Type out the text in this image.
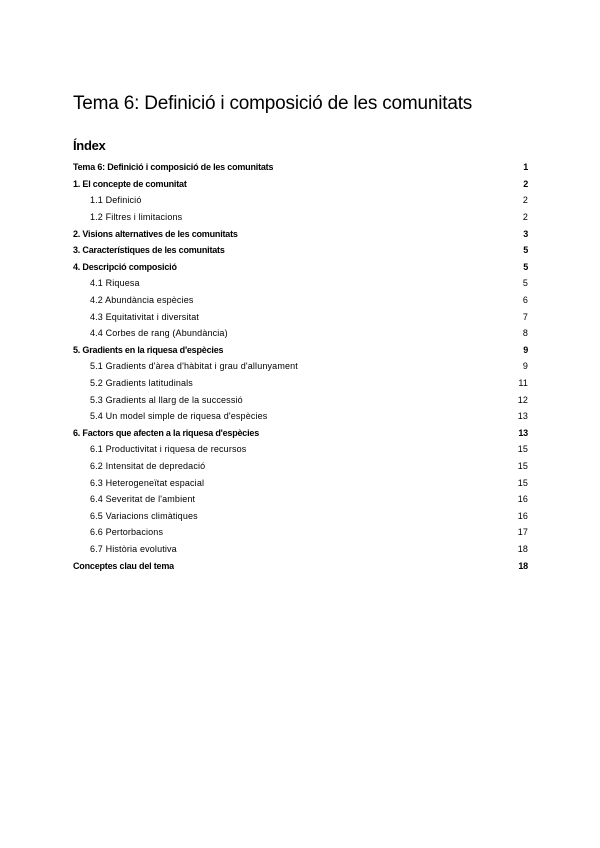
Tema 6: Definició i composició de les comunitats
Índex
Tema 6: Definició i composició de les comunitats	1
1. El concepte de comunitat	2
1.1 Definició	2
1.2 Filtres i limitacions	2
2. Visions alternatives de les comunitats	3
3. Característiques de les comunitats	5
4. Descripció composició	5
4.1 Riquesa	5
4.2 Abundància espècies	6
4.3 Equitativitat i diversitat	7
4.4 Corbes de rang (Abundància)	8
5. Gradients en la riquesa d'espècies	9
5.1 Gradients d'àrea d'hàbitat i grau d'allunyament	9
5.2 Gradients latitudinals	11
5.3 Gradients al llarg de la successió	12
5.4 Un model simple de riquesa d'espècies	13
6. Factors que afecten a la riquesa d'espècies	13
6.1 Productivitat i riquesa de recursos	15
6.2 Intensitat de depredació	15
6.3 Heterogeneïtat espacial	15
6.4 Severitat de l'ambient	16
6.5 Variacions climàtiques	16
6.6 Pertorbacions	17
6.7 Història evolutiva	18
Conceptes clau del tema	18
